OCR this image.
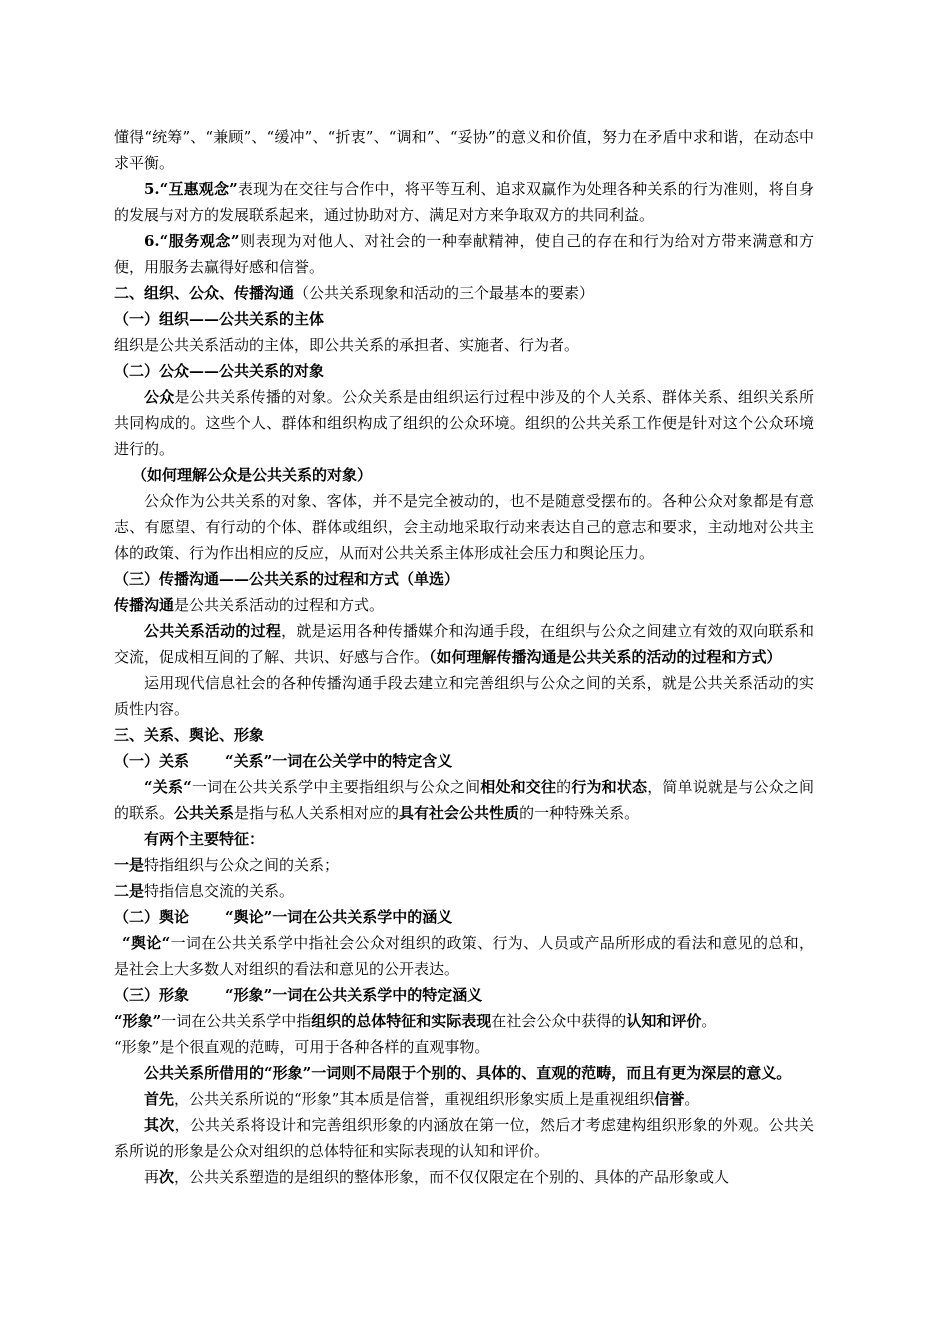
懂得“统筹”、“兼顾”、“缓冲”、“折衷”、“调和”、“妥协”的意义和价值，努力在矛盾中求和谐，在动态中求平衡。

5.“互惠观念”表现为在交往与合作中，将平等互利、追求双赢作为处理各种关系的行为准则，将自身的发展与对方的发展联系起来，通过协助对方、满足对方来争取双方的共同利益。

6.“服务观念”则表现为对他人、对社会的一种奉献精神，使自己的存在和行为给对方带来满意和方便，用服务去赢得好感和信誉。

二、组织、公众、传播沟通（公共关系现象和活动的三个最基本的要素）

（一）组织——公共关系的主体

组织是公共关系活动的主体，即公共关系的承担者、实施者、行为者。

（二）公众——公共关系的对象

公众是公共关系传播的对象。公众关系是由组织运行过程中涉及的个人关系、群体关系、组织关系所共同构成的。这些个人、群体和组织构成了组织的公众环境。组织的公共关系工作便是针对这个公众环境进行的。

（如何理解公众是公共关系的对象）

公众作为公共关系的对象、客体，并不是完全被动的，也不是随意受摆布的。各种公众对象都是有意志、有愿望、有行动的个体、群体或组织，会主动地采取行动来表达自己的意志和要求，主动地对公共主体的政策、行为作出相应的反应，从而对公共关系主体形成社会压力和舆论压力。

（三）传播沟通——公共关系的过程和方式（单选）

传播沟通是公共关系活动的过程和方式。

公共关系活动的过程，就是运用各种传播媒介和沟通手段，在组织与公众之间建立有效的双向联系和交流，促成相互间的了解、共识、好感与合作。（如何理解传播沟通是公共关系的活动的过程和方式）

运用现代信息社会的各种传播沟通手段去建立和完善组织与公众之间的关系，就是公共关系活动的实质性内容。

三、关系、舆论、形象

（一）关系 “关系”一词在公关学中的特定含义

“关系“一词在公共关系学中主要指组织与公众之间相处和交往的行为和状态，简单说就是与公众之间的联系。公共关系是指与私人关系相对应的具有社会公共性质的一种特殊关系。

有两个主要特征：

一是特指组织与公众之间的关系；

二是特指信息交流的关系。

（二）舆论 “舆论”一词在公共关系学中的涵义

“舆论“一词在公共关系学中指社会公众对组织的政策、行为、人员或产品所形成的看法和意见的总和，是社会上大多数人对组织的看法和意见的公开表达。

（三）形象 “形象”一词在公共关系学中的特定涵义

“形象”一词在公共关系学中指组织的总体特征和实际表现在社会公众中获得的认知和评价。

“形象”是个很直观的范畴，可用于各种各样的直观事物。

公共关系所借用的“形象”一词则不局限于个别的、具体的、直观的范畴，而且有更为深层的意义。

首先，公共关系所说的“形象”其本质是信誉，重视组织形象实质上是重视组织信誉。

其次，公共关系将设计和完善组织形象的内涵放在第一位，然后才考虑建构组织形象的外观。公共关系所说的形象是公众对组织的总体特征和实际表现的认知和评价。

再次，公共关系塑造的是组织的整体形象，而不仅仅限定在个别的、具体的产品形象或人
